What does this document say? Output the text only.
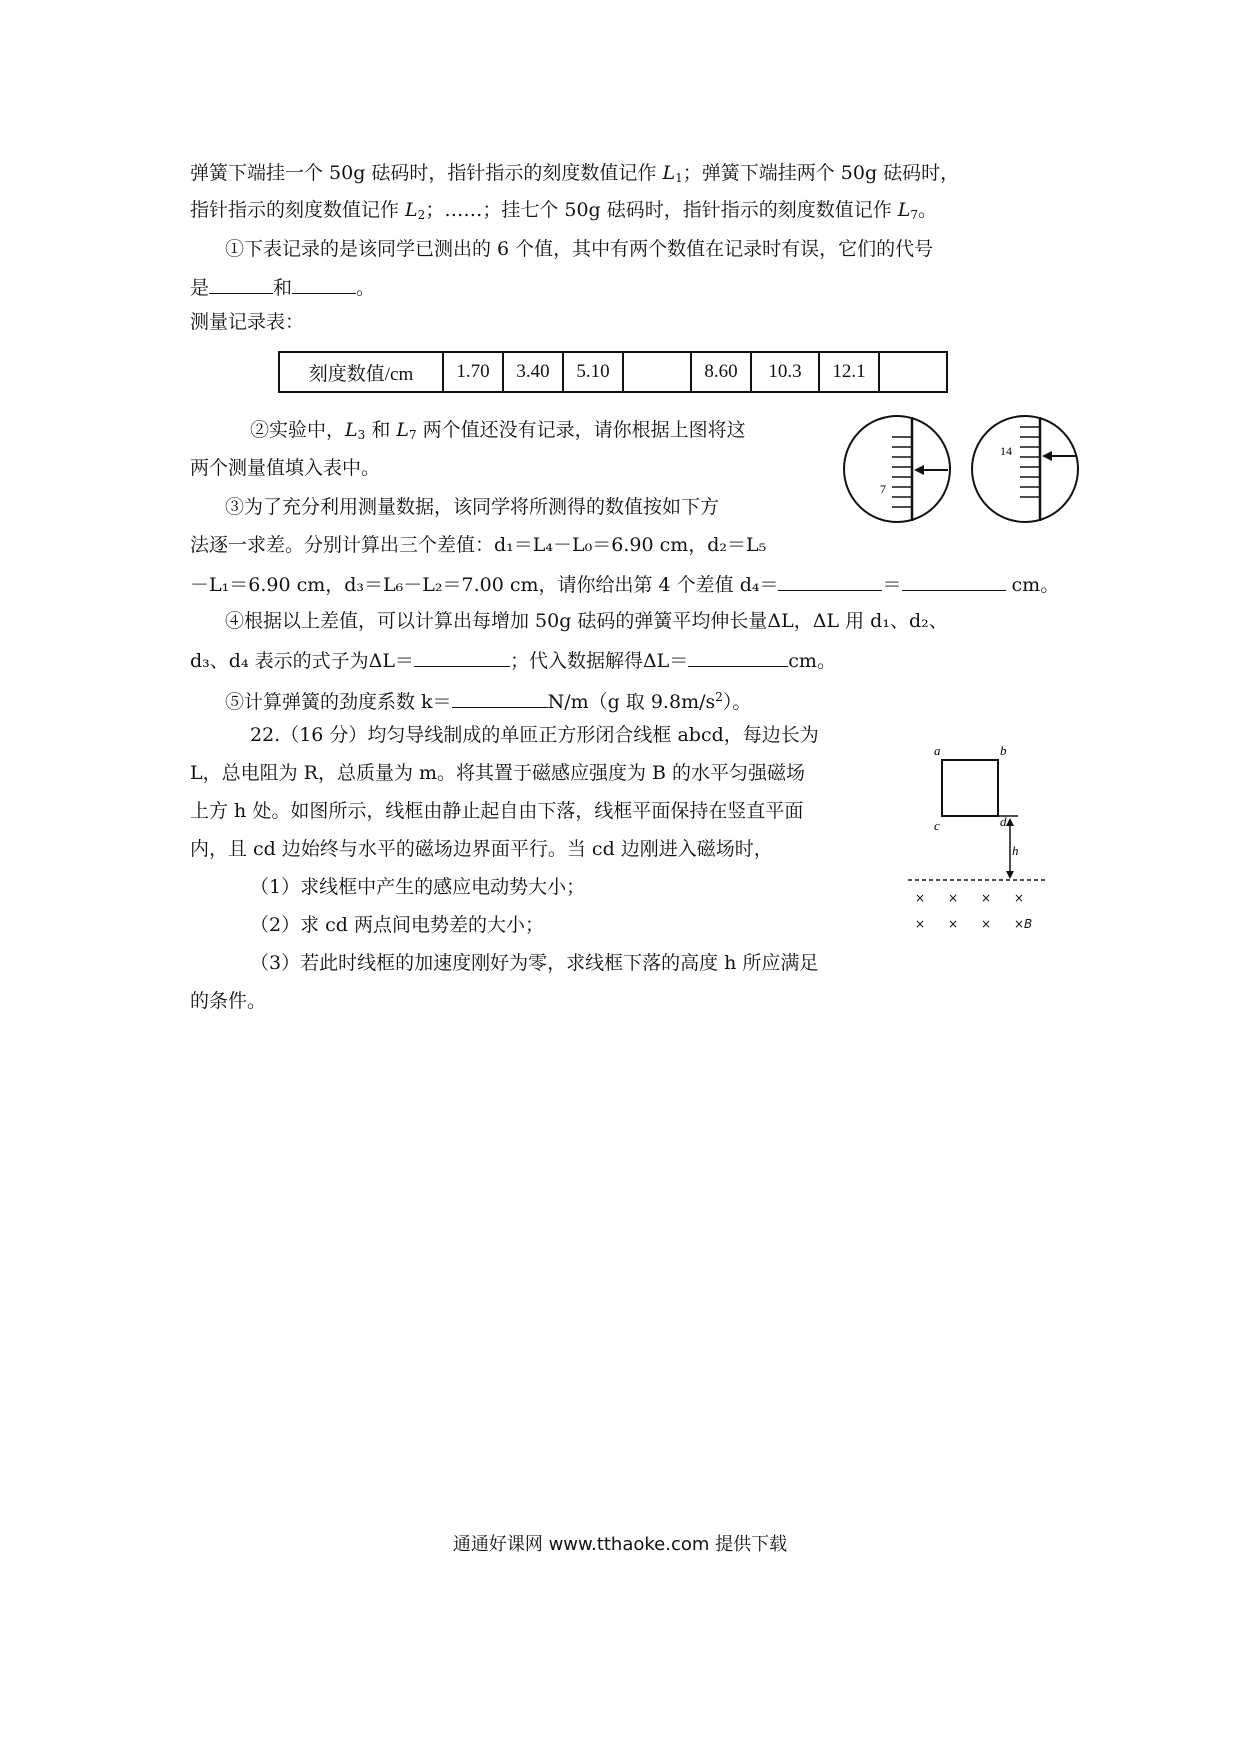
弹簧下端挂一个 50g 砝码时，指针指示的刻度数值记作 $L_1$；弹簧下端挂两个 50g 砝码时，
指针指示的刻度数值记作 $L_2$；……；挂七个 50g 砝码时，指针指示的刻度数值记作 $L_7$。
①下表记录的是该同学已测出的 6 个值，其中有两个数值在记录时有误，它们的代号
是	和	。
测量记录表：
刻度数值/cm	1.70	3.40	5.10		8.60	10.3	12.1	
②实验中，$L_3$ 和 $L_7$ 两个值还没有记录，请你根据上图将这
两个测量值填入表中。
7
14
③为了充分利用测量数据，该同学将所测得的数值按如下方
法逐一求差。分别计算出三个差值：d₁＝L₄－L₀＝6.90 cm，d₂＝L₅
－L₁＝6.90 cm，d₃＝L₆－L₂＝7.00 cm，请你给出第 4 个差值 d₄＝	＝	cm。
④根据以上差值，可以计算出每增加 50g 砝码的弹簧平均伸长量ΔL，ΔL 用 d₁、d₂、
d₃、d₄ 表示的式子为ΔL＝	；代入数据解得ΔL＝	cm。
⑤计算弹簧的劲度系数 k＝	N/m（g 取 $9.8m/s^2$）。
22.（16 分）均匀导线制成的单匝正方形闭合线框 abcd，每边长为
L，总电阻为 R，总质量为 m。将其置于磁感应强度为 B 的水平匀强磁场
上方 h 处。如图所示，线框由静止起自由下落，线框平面保持在竖直平面
内，且 cd 边始终与水平的磁场边界面平行。当 cd 边刚进入磁场时，
（1）求线框中产生的感应电动势大小；
（2）求 cd 两点间电势差的大小；
（3）若此时线框的加速度刚好为零，求线框下落的高度 h 所应满足
的条件。
a	b
c	d
h
× × × ×
× × × ×B
通通好课网 www.tthaoke.com 提供下载
